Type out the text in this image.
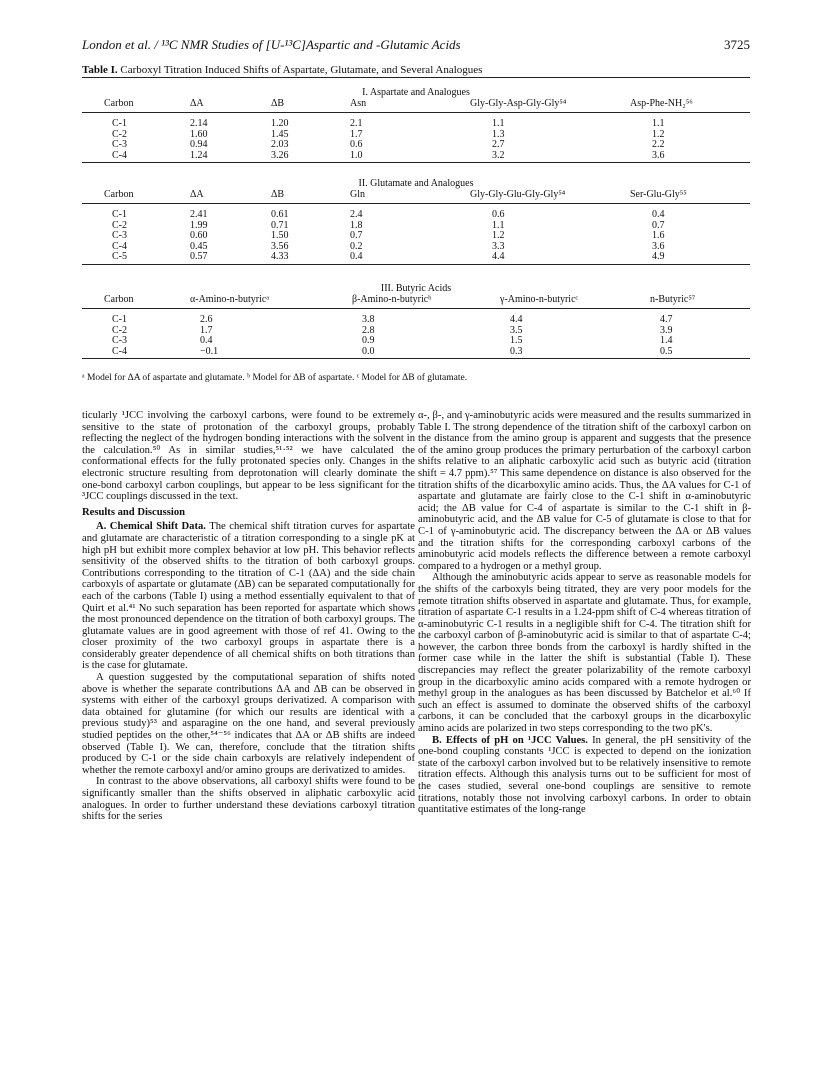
London et al. / ¹³C NMR Studies of [U-¹³C]Aspartic and -Glutamic Acids	3725
Table I. Carboxyl Titration Induced Shifts of Aspartate, Glutamate, and Several Analogues
I. Aspartate and Analogues
Carbon	ΔA	ΔB	Asn	Gly-Gly-Asp-Gly-Gly⁵⁴	Asp-Phe-NH₂⁵⁶
C-1	2.14	1.20	2.1	1.1	1.1
C-2	1.60	1.45	1.7	1.3	1.2
C-3	0.94	2.03	0.6	2.7	2.2
C-4	1.24	3.26	1.0	3.2	3.6
II. Glutamate and Analogues
Carbon	ΔA	ΔB	Gln	Gly-Gly-Glu-Gly-Gly⁵⁴	Ser-Glu-Gly⁵⁵
C-1	2.41	0.61	2.4	0.6	0.4
C-2	1.99	0.71	1.8	1.1	0.7
C-3	0.60	1.50	0.7	1.2	1.6
C-4	0.45	3.56	0.2	3.3	3.6
C-5	0.57	4.33	0.4	4.4	4.9
III. Butyric Acids
Carbon	α-Amino-n-butyricᵃ	β-Amino-n-butyricᵇ	γ-Amino-n-butyricᶜ	n-Butyric⁵⁷
C-1	2.6	3.8	4.4	4.7
C-2	1.7	2.8	3.5	3.9
C-3	0.4	0.9	1.5	1.4
C-4	−0.1	0.0	0.3	0.5
ᵃ Model for ΔA of aspartate and glutamate. ᵇ Model for ΔB of aspartate. ᶜ Model for ΔB of glutamate.

ticularly ¹JCC involving the carboxyl carbons, were found to be extremely sensitive to the state of protonation of the carboxyl groups, probably reflecting the neglect of the hydrogen bonding interactions with the solvent in the calculation.⁵⁰ As in similar studies,⁵¹·⁵² we have calculated the conformational effects for the fully protonated species only. Changes in the electronic structure resulting from deprotonation will clearly dominate the one-bond carboxyl carbon couplings, but appear to be less significant for the ³JCC couplings discussed in the text.

Results and Discussion

A. Chemical Shift Data. The chemical shift titration curves for aspartate and glutamate are characteristic of a titration corresponding to a single pK at high pH but exhibit more complex behavior at low pH. This behavior reflects sensitivity of the observed shifts to the titration of both carboxyl groups. Contributions corresponding to the titration of C-1 (ΔA) and the side chain carboxyls of aspartate or glutamate (ΔB) can be separated computationally for each of the carbons (Table I) using a method essentially equivalent to that of Quirt et al.⁴¹ No such separation has been reported for aspartate which shows the most pronounced dependence on the titration of both carboxyl groups. The glutamate values are in good agreement with those of ref 41. Owing to the closer proximity of the two carboxyl groups in aspartate there is a considerably greater dependence of all chemical shifts on both titrations than is the case for glutamate.

A question suggested by the computational separation of shifts noted above is whether the separate contributions ΔA and ΔB can be observed in systems with either of the carboxyl groups derivatized. A comparison with data obtained for glutamine (for which our results are identical with a previous study)⁵³ and asparagine on the one hand, and several previously studied peptides on the other,⁵⁴⁻⁵⁶ indicates that ΔA or ΔB shifts are indeed observed (Table I). We can, therefore, conclude that the titration shifts produced by C-1 or the side chain carboxyls are relatively independent of whether the remote carboxyl and/or amino groups are derivatized to amides.

In contrast to the above observations, all carboxyl shifts were found to be significantly smaller than the shifts observed in aliphatic carboxylic acid analogues. In order to further understand these deviations carboxyl titration shifts for the series

α-, β-, and γ-aminobutyric acids were measured and the results summarized in Table I. The strong dependence of the titration shift of the carboxyl carbon on the distance from the amino group is apparent and suggests that the presence of the amino group produces the primary perturbation of the carboxyl carbon shifts relative to an aliphatic carboxylic acid such as butyric acid (titration shift = 4.7 ppm).⁵⁷ This same dependence on distance is also observed for the titration shifts of the dicarboxylic amino acids. Thus, the ΔA values for C-1 of aspartate and glutamate are fairly close to the C-1 shift in α-aminobutyric acid; the ΔB value for C-4 of aspartate is similar to the C-1 shift in β-aminobutyric acid, and the ΔB value for C-5 of glutamate is close to that for C-1 of γ-aminobutyric acid. The discrepancy between the ΔA or ΔB values and the titration shifts for the corresponding carboxyl carbons of the aminobutyric acid models reflects the difference between a remote carboxyl compared to a hydrogen or a methyl group.

Although the aminobutyric acids appear to serve as reasonable models for the shifts of the carboxyls being titrated, they are very poor models for the remote titration shifts observed in aspartate and glutamate. Thus, for example, titration of aspartate C-1 results in a 1.24-ppm shift of C-4 whereas titration of α-aminobutyric C-1 results in a negligible shift for C-4. The titration shift for the carboxyl carbon of β-aminobutyric acid is similar to that of aspartate C-4; however, the carbon three bonds from the carboxyl is hardly shifted in the former case while in the latter the shift is substantial (Table I). These discrepancies may reflect the greater polarizability of the remote carboxyl group in the dicarboxylic amino acids compared with a remote hydrogen or methyl group in the analogues as has been discussed by Batchelor et al.⁶⁰ If such an effect is assumed to dominate the observed shifts of the carboxyl carbons, it can be concluded that the carboxyl groups in the dicarboxylic amino acids are polarized in two steps corresponding to the two pK's.

B. Effects of pH on ¹JCC Values. In general, the pH sensitivity of the one-bond coupling constants ¹JCC is expected to depend on the ionization state of the carboxyl carbon involved but to be relatively insensitive to remote titration effects. Although this analysis turns out to be sufficient for most of the cases studied, several one-bond couplings are sensitive to remote titrations, notably those not involving carboxyl carbons. In order to obtain quantitative estimates of the long-range
